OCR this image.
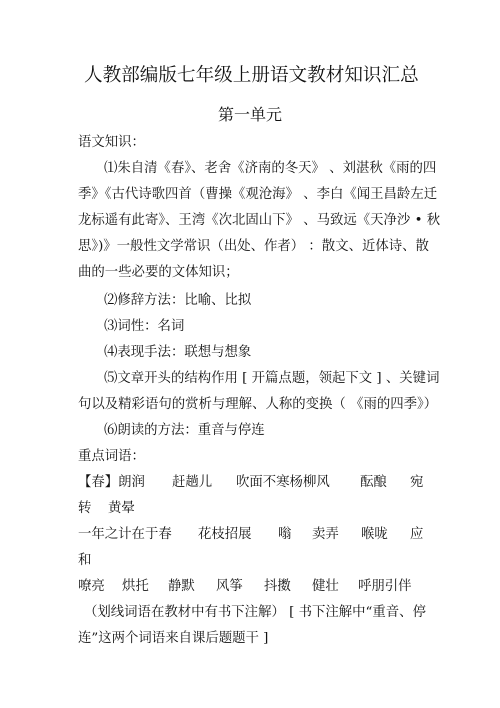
人教部编版七年级上册语文教材知识汇总
第一单元
语文知识：
⑴朱自清《春》、老舍《济南的冬天》 、刘湛秋《雨的四
季》《古代诗歌四首（曹操《观沧海》 、李白《闻王昌龄左迁
龙标遥有此寄》、王湾《次北固山下》 、马致远《天净沙 • 秋
思》)》一般性文学常识（出处、作者） ：散文、近体诗、散
曲的一些必要的文体知识；
⑵修辞方法：比喻、比拟
⑶词性：名词
⑷表现手法：联想与想象
⑸文章开头的结构作用 [ 开篇点题，领起下文 ] 、关键词
句以及精彩语句的赏析与理解、人称的变换（ 《雨的四季》）
⑹朗读的方法：重音与停连
重点词语：
【春】朗润 赶趟儿 吹面不寒杨柳风 酝酿 宛
转 黄晕
一年之计在于春 花枝招展 嗡 卖弄 喉咙 应
和
嘹亮 烘托 静默 风筝 抖擞 健壮 呼朋引伴
（划线词语在教材中有书下注解） [ 书下注解中“重音、停
连”这两个词语来自课后题题干 ]
